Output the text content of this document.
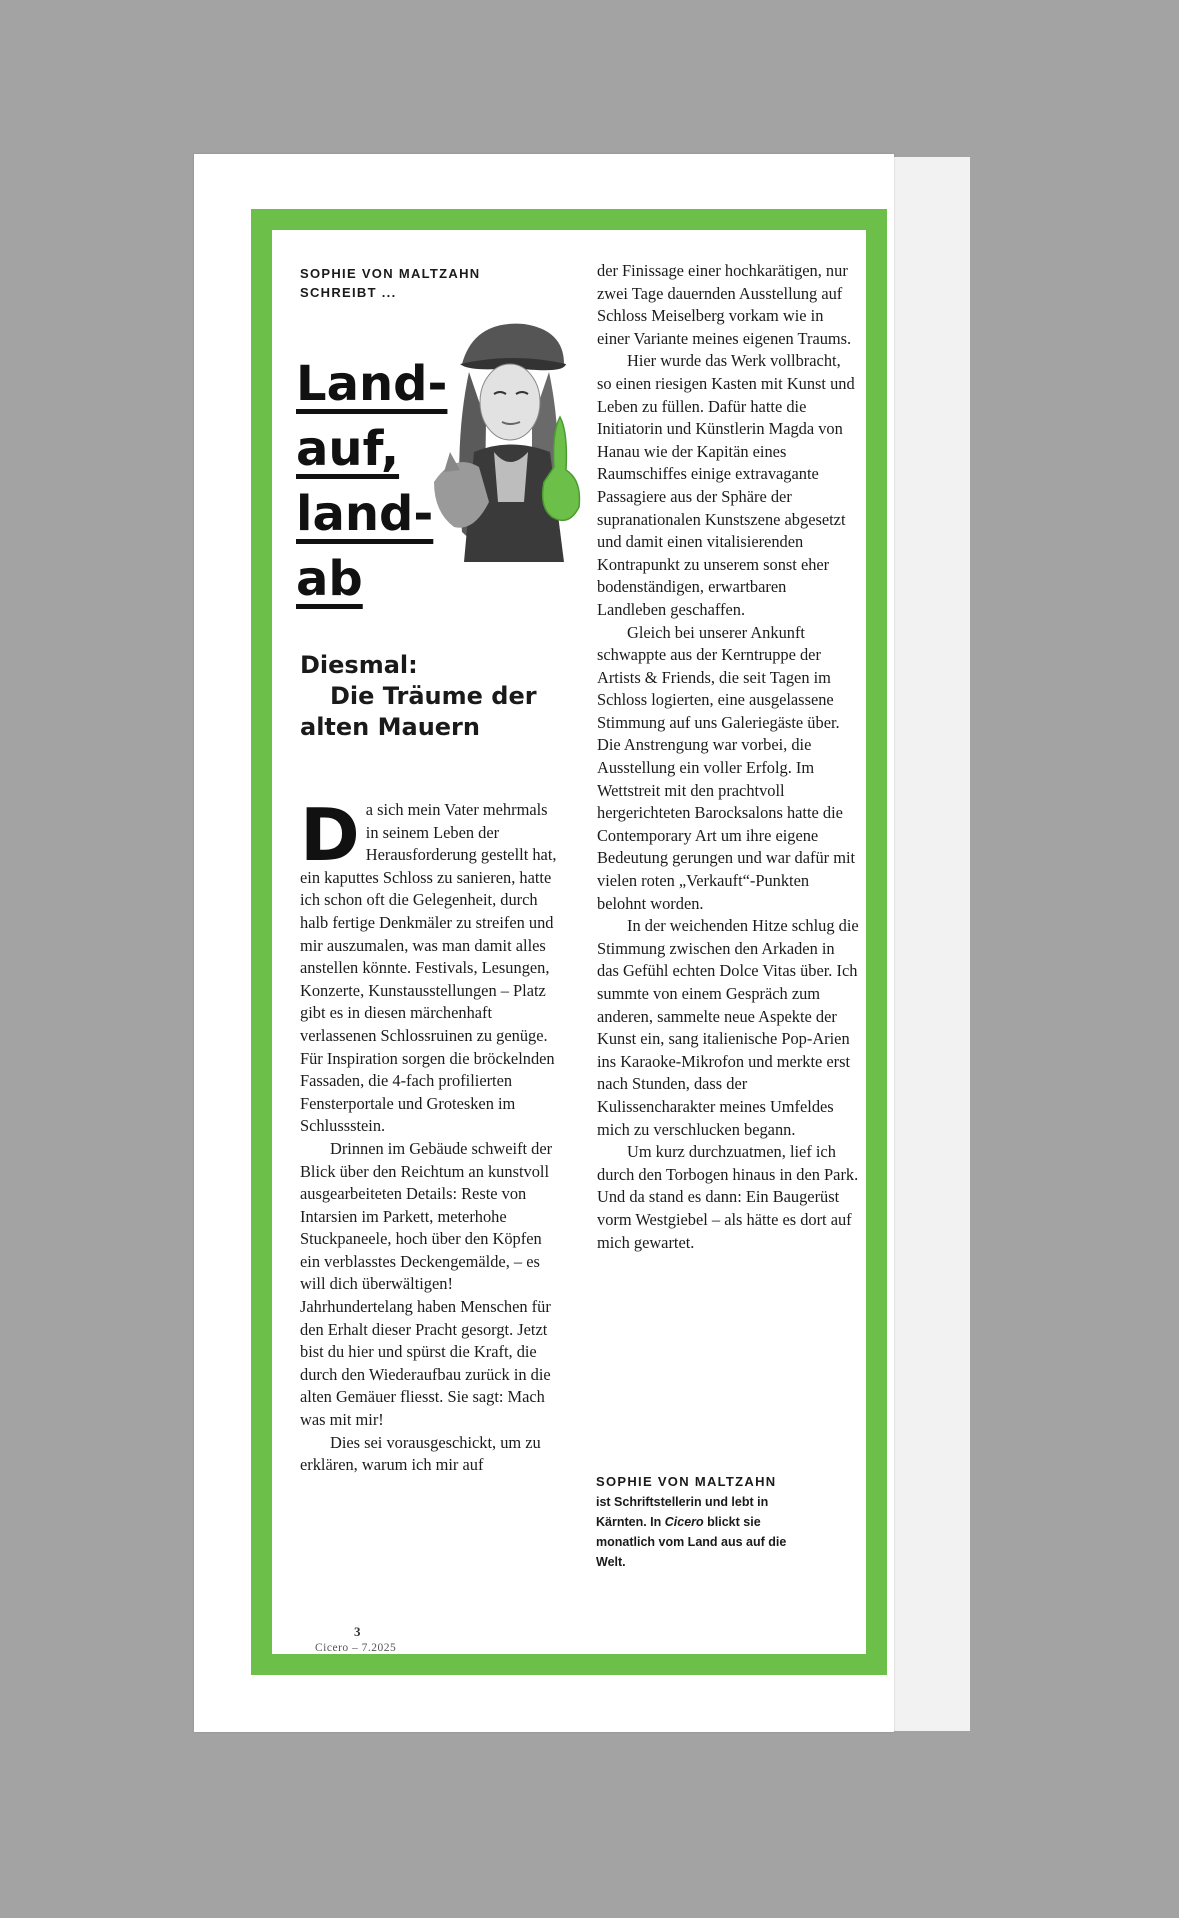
SOPHIE VON MALTZAHN
SCHREIBT ...
Land-
auf,
land-
ab
Diesmal:
Die Träume der
alten Mauern

Da sich mein Vater mehrmals in seinem Leben der Herausforderung gestellt hat, ein kaputtes Schloss zu sanieren, hatte ich schon oft die Gelegenheit, durch halb fertige Denkmäler zu streifen und mir auszumalen, was man damit alles anstellen könnte. Festivals, Lesungen, Konzerte, Kunstausstellungen – Platz gibt es in diesen märchenhaft verlassenen Schlossruinen zu genüge. Für Inspiration sorgen die bröckelnden Fassaden, die 4-fach profilierten Fensterportale und Grotesken im Schlussstein.

Drinnen im Gebäude schweift der Blick über den Reichtum an kunstvoll ausgearbeiteten Details: Reste von Intarsien im Parkett, meterhohe Stuckpaneele, hoch über den Köpfen ein verblasstes Deckengemälde, – es will dich überwältigen! Jahrhundertelang haben Menschen für den Erhalt dieser Pracht gesorgt. Jetzt bist du hier und spürst die Kraft, die durch den Wiederaufbau zurück in die alten Gemäuer fliesst. Sie sagt: Mach was mit mir!

Dies sei vorausgeschickt, um zu erklären, warum ich mir auf

der Finissage einer hochkarätigen, nur zwei Tage dauernden Ausstellung auf Schloss Meiselberg vorkam wie in einer Variante meines eigenen Traums.

Hier wurde das Werk vollbracht, so einen riesigen Kasten mit Kunst und Leben zu füllen. Dafür hatte die Initiatorin und Künstlerin Magda von Hanau wie der Kapitän eines Raumschiffes einige extravagante Passagiere aus der Sphäre der supranationalen Kunstszene abgesetzt und damit einen vitalisierenden Kontrapunkt zu unserem sonst eher bodenständigen, erwartbaren Landleben geschaffen.

Gleich bei unserer Ankunft schwappte aus der Kerntruppe der Artists & Friends, die seit Tagen im Schloss logierten, eine ausgelassene Stimmung auf uns Galeriegäste über. Die Anstrengung war vorbei, die Ausstellung ein voller Erfolg. Im Wettstreit mit den prachtvoll hergerichteten Barocksalons hatte die Contemporary Art um ihre eigene Bedeutung gerungen und war dafür mit vielen roten „Verkauft“-Punkten belohnt worden.

In der weichenden Hitze schlug die Stimmung zwischen den Arkaden in das Gefühl echten Dolce Vitas über. Ich summte von einem Gespräch zum anderen, sammelte neue Aspekte der Kunst ein, sang italienische Pop-Arien ins Karaoke-Mikrofon und merkte erst nach Stunden, dass der Kulissencharakter meines Umfeldes mich zu verschlucken begann.

Um kurz durchzuatmen, lief ich durch den Torbogen hinaus in den Park. Und da stand es dann: Ein Baugerüst vorm Westgiebel – als hätte es dort auf mich gewartet.

SOPHIE VON MALTZAHN
ist Schriftstellerin und lebt in Kärnten. In Cicero blickt sie monatlich vom Land aus auf die Welt.
3
Cicero – 7.2025
